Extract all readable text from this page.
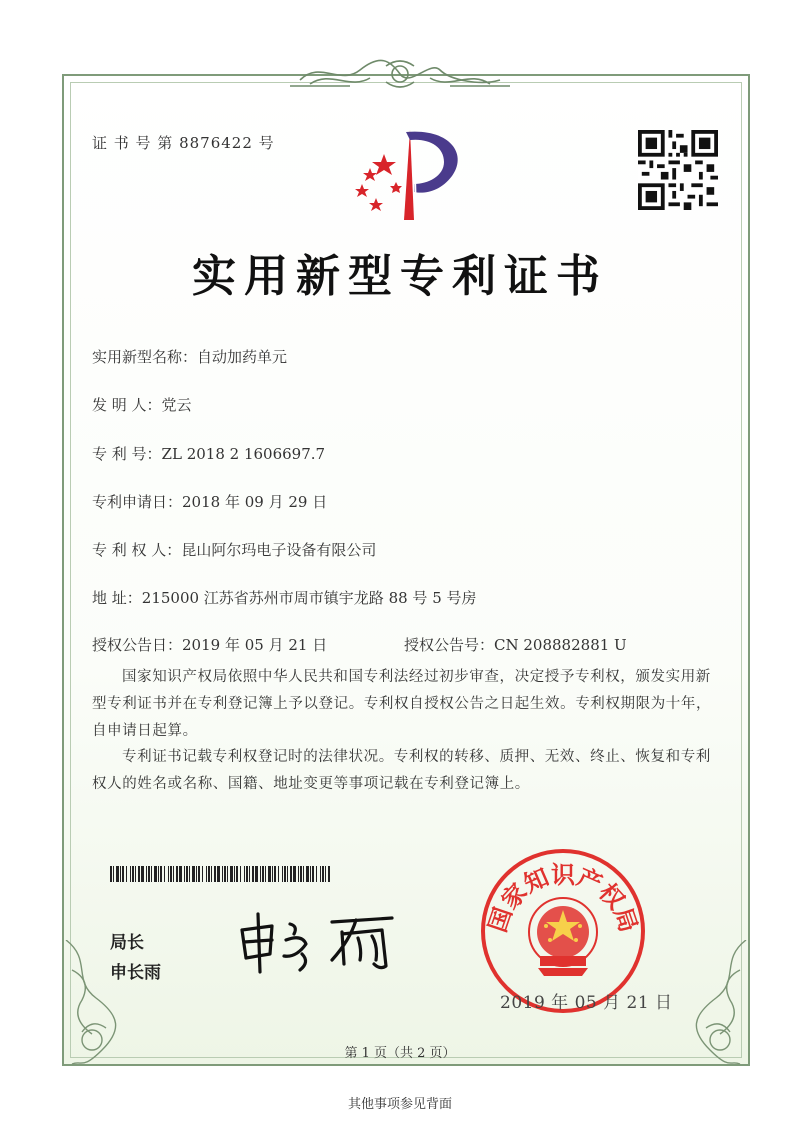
证 书 号 第 8876422 号
实用新型专利证书
实用新型名称：自动加药单元
发 明 人：党云
专 利 号：ZL 2018 2 1606697.7
专利申请日：2018 年 09 月 29 日
专 利 权 人：昆山阿尔玛电子设备有限公司
地 址：215000 江苏省苏州市周市镇宇龙路 88 号 5 号房
授权公告日：2019 年 05 月 21 日	授权公告号：CN 208882881 U
国家知识产权局依照中华人民共和国专利法经过初步审查，决定授予专利权，颁发实用新型专利证书并在专利登记簿上予以登记。专利权自授权公告之日起生效。专利权期限为十年，自申请日起算。
专利证书记载专利权登记时的法律状况。专利权的转移、质押、无效、终止、恢复和专利权人的姓名或名称、国籍、地址变更等事项记载在专利登记簿上。
局长
申长雨
国家知识产权局
2019 年 05 月 21 日
第 1 页（共 2 页）
其他事项参见背面
